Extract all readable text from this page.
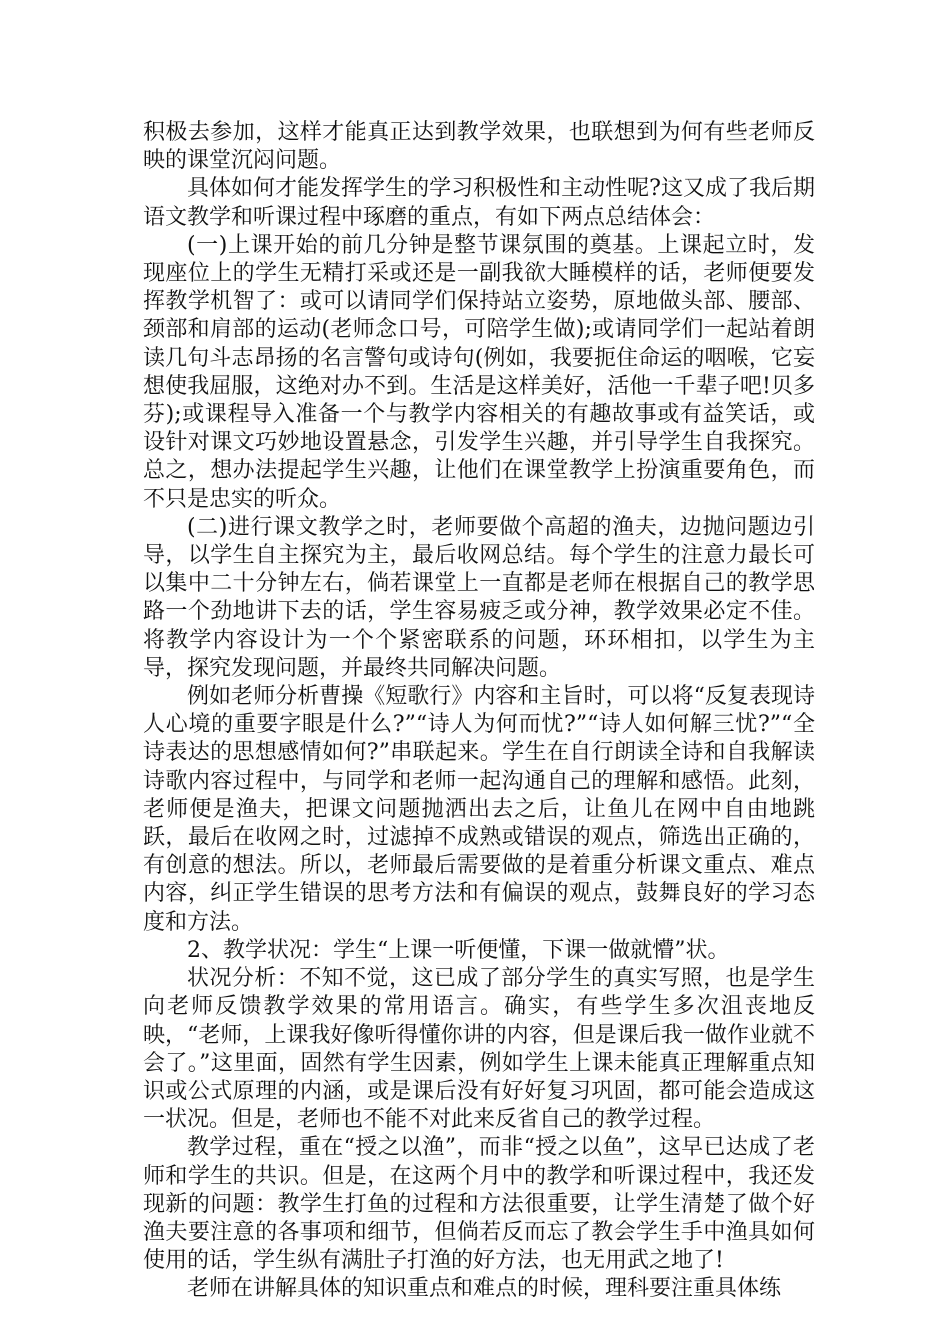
积极去参加，这样才能真正达到教学效果，也联想到为何有些老师反映的课堂沉闷问题。

具体如何才能发挥学生的学习积极性和主动性呢?这又成了我后期语文教学和听课过程中琢磨的重点，有如下两点总结体会：

(一)上课开始的前几分钟是整节课氛围的奠基。上课起立时，发现座位上的学生无精打采或还是一副我欲大睡模样的话，老师便要发挥教学机智了：或可以请同学们保持站立姿势，原地做头部、腰部、颈部和肩部的运动(老师念口号，可陪学生做);或请同学们一起站着朗读几句斗志昂扬的名言警句或诗句(例如，我要扼住命运的咽喉，它妄想使我屈服，这绝对办不到。生活是这样美好，活他一千辈子吧!贝多芬);或课程导入准备一个与教学内容相关的有趣故事或有益笑话，或设针对课文巧妙地设置悬念，引发学生兴趣，并引导学生自我探究。总之，想办法提起学生兴趣，让他们在课堂教学上扮演重要角色，而不只是忠实的听众。

(二)进行课文教学之时，老师要做个高超的渔夫，边抛问题边引导，以学生自主探究为主，最后收网总结。每个学生的注意力最长可以集中二十分钟左右，倘若课堂上一直都是老师在根据自己的教学思路一个劲地讲下去的话，学生容易疲乏或分神，教学效果必定不佳。将教学内容设计为一个个紧密联系的问题，环环相扣，以学生为主导，探究发现问题，并最终共同解决问题。

例如老师分析曹操《短歌行》内容和主旨时，可以将“反复表现诗人心境的重要字眼是什么?”“诗人为何而忧?”“诗人如何解三忧?”“全诗表达的思想感情如何?”串联起来。学生在自行朗读全诗和自我解读诗歌内容过程中，与同学和老师一起沟通自己的理解和感悟。此刻，老师便是渔夫，把课文问题抛洒出去之后，让鱼儿在网中自由地跳跃，最后在收网之时，过滤掉不成熟或错误的观点，筛选出正确的，有创意的想法。所以，老师最后需要做的是着重分析课文重点、难点内容，纠正学生错误的思考方法和有偏误的观点，鼓舞良好的学习态度和方法。

2、教学状况：学生“上课一听便懂，下课一做就懵”状。

状况分析：不知不觉，这已成了部分学生的真实写照，也是学生向老师反馈教学效果的常用语言。确实，有些学生多次沮丧地反映，“老师，上课我好像听得懂你讲的内容，但是课后我一做作业就不会了。”这里面，固然有学生因素，例如学生上课未能真正理解重点知识或公式原理的内涵，或是课后没有好好复习巩固，都可能会造成这一状况。但是，老师也不能不对此来反省自己的教学过程。

教学过程，重在“授之以渔”，而非“授之以鱼”，这早已达成了老师和学生的共识。但是，在这两个月中的教学和听课过程中，我还发现新的问题：教学生打鱼的过程和方法很重要，让学生清楚了做个好渔夫要注意的各事项和细节，但倘若反而忘了教会学生手中渔具如何使用的话，学生纵有满肚子打渔的好方法，也无用武之地了!

老师在讲解具体的知识重点和难点的时候，理科要注重具体练
